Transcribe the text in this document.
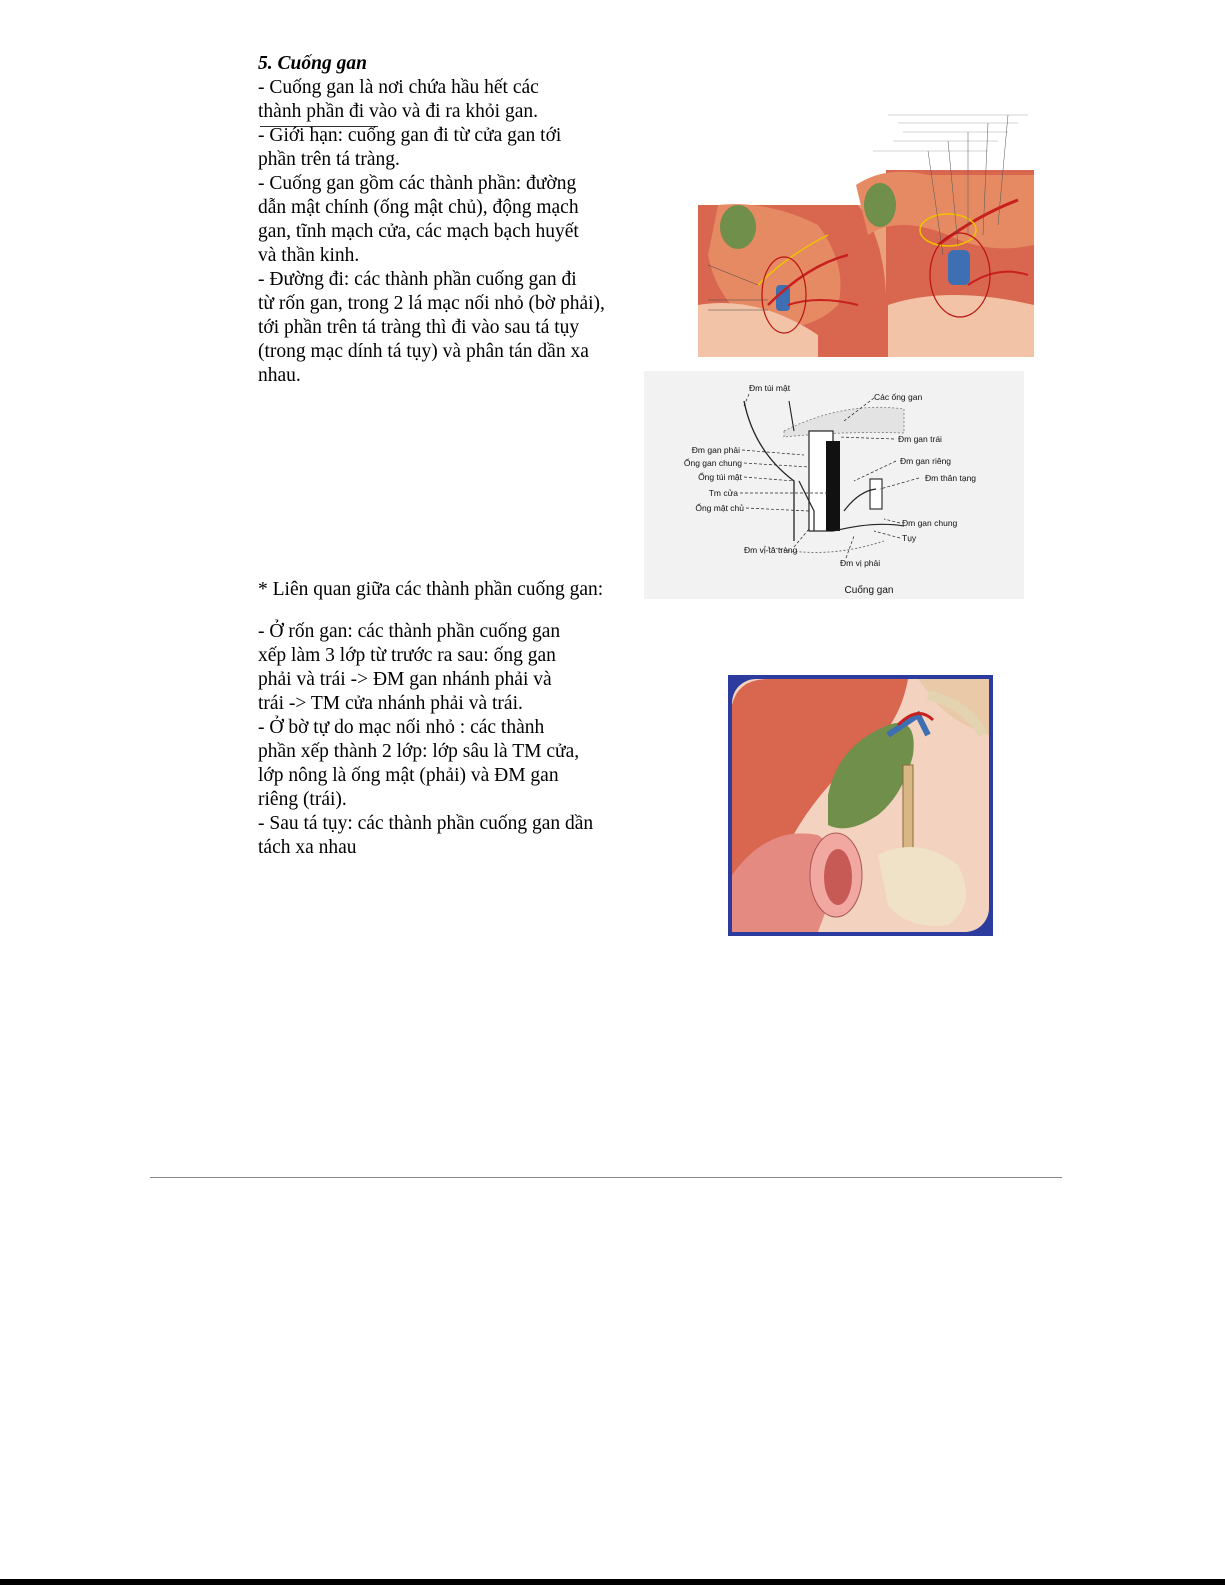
5. Cuống gan
- Cuống gan là nơi chứa hầu hết các
thành phần đi vào và đi ra khỏi gan.
- Giới hạn: cuống gan đi từ cửa gan tới
phần trên tá tràng.
- Cuống gan gồm các thành phần: đường
dẫn mật chính (ống mật chủ), động mạch
gan, tĩnh mạch cửa, các mạch bạch huyết
và thần kinh.
- Đường đi: các thành phần cuống gan đi
từ rốn gan, trong 2 lá mạc nối nhỏ (bờ phải),
tới phần trên tá tràng thì đi vào sau tá tụy
(trong mạc dính tá tụy) và phân tán dần xa
nhau.
* Liên quan giữa các thành phần cuống gan:
- Ở rốn gan: các thành phần cuống gan
xếp làm 3 lớp từ trước ra sau: ống gan
phải và trái -> ĐM gan nhánh phải và
trái -> TM cửa nhánh phải và trái.
- Ở bờ tự do mạc nối nhỏ : các thành
phần xếp thành 2 lớp: lớp sâu là TM cửa,
lớp nông là ống mật (phải) và ĐM gan
riêng (trái).
- Sau tá tụy: các thành phần cuống gan dần
tách xa nhau
Đm túi mật
Các ống gan
Đm gan trái
Đm gan phải
Đm gan riêng
Ống gan chung
Ống túi mật	Đm thân tạng
Tm cửa
Ống mật chủ
Đm gan chung
Tụy
Đm vị-tá tràng
Đm vị phải
Cuống gan
